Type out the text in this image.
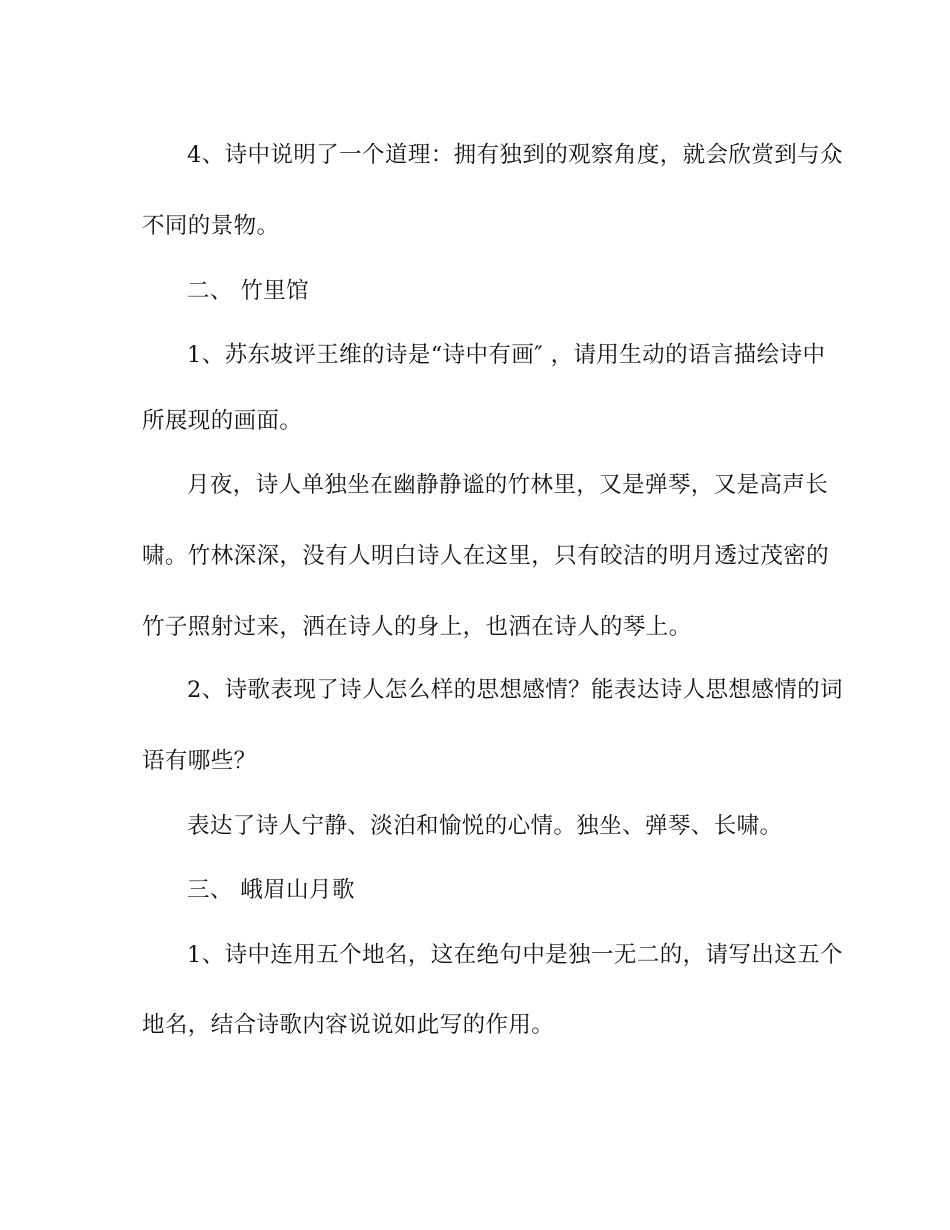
4、诗中说明了一个道理：拥有独到的观察角度，就会欣赏到与众
不同的景物。
二、 竹里馆
1、苏东坡评王维的诗是“诗中有画″ ，请用生动的语言描绘诗中
所展现的画面。
月夜，诗人单独坐在幽静静谧的竹林里，又是弹琴，又是高声长
啸。竹林深深，没有人明白诗人在这里，只有皎洁的明月透过茂密的
竹子照射过来，洒在诗人的身上，也洒在诗人的琴上。
2、诗歌表现了诗人怎么样的思想感情？能表达诗人思想感情的词
语有哪些？
表达了诗人宁静、淡泊和愉悦的心情。独坐、弹琴、长啸。
三、 峨眉山月歌
1、诗中连用五个地名，这在绝句中是独一无二的，请写出这五个
地名，结合诗歌内容说说如此写的作用。
